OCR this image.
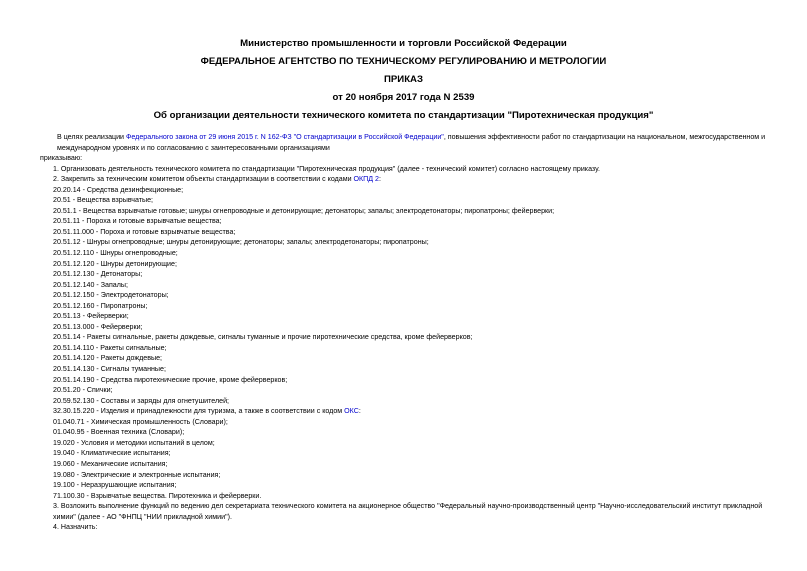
Министерство промышленности и торговли Российской Федерации
ФЕДЕРАЛЬНОЕ АГЕНТСТВО ПО ТЕХНИЧЕСКОМУ РЕГУЛИРОВАНИЮ И МЕТРОЛОГИИ
ПРИКАЗ
от 20 ноября 2017 года N 2539
Об организации деятельности технического комитета по стандартизации "Пиротехническая продукция"

В целях реализации Федерального закона от 29 июня 2015 г. N 162-ФЗ "О стандартизации в Российской Федерации", повышения эффективности работ по стандартизации на национальном, межгосударственном и международном уровнях и по согласованию с заинтересованными организациями

приказываю:

1. Организовать деятельность технического комитета по стандартизации "Пиротехническая продукция" (далее - технический комитет) согласно настоящему приказу.

2. Закрепить за техническим комитетом объекты стандартизации в соответствии с кодами ОКПД 2:

20.20.14 - Средства дезинфекционные;

20.51 - Вещества взрывчатые;

20.51.1 - Вещества взрывчатые готовые; шнуры огнепроводные и детонирующие; детонаторы; запалы; электродетонаторы; пиропатроны; фейерверки;

20.51.11 - Пороха и готовые взрывчатые вещества;

20.51.11.000 - Пороха и готовые взрывчатые вещества;

20.51.12 - Шнуры огнепроводные; шнуры детонирующие; детонаторы; запалы; электродетонаторы; пиропатроны;

20.51.12.110 - Шнуры огнепроводные;

20.51.12.120 - Шнуры детонирующие;

20.51.12.130 - Детонаторы;

20.51.12.140 - Запалы;

20.51.12.150 - Электродетонаторы;

20.51.12.160 - Пиропатроны;

20.51.13 - Фейерверки;

20.51.13.000 - Фейерверки;

20.51.14 - Ракеты сигнальные, ракеты дождевые, сигналы туманные и прочие пиротехнические средства, кроме фейерверков;

20.51.14.110 - Ракеты сигнальные;

20.51.14.120 - Ракеты дождевые;

20.51.14.130 - Сигналы туманные;

20.51.14.190 - Средства пиротехнические прочие, кроме фейерверков;

20.51.20 - Спички;

20.59.52.130 - Составы и заряды для огнетушителей;

32.30.15.220 - Изделия и принадлежности для туризма, а также в соответствии с кодом ОКС:

01.040.71 - Химическая промышленность (Словари);

01.040.95 - Военная техника (Словари);

19.020 - Условия и методики испытаний в целом;

19.040 - Климатические испытания;

19.060 - Механические испытания;

19.080 - Электрические и электронные испытания;

19.100 - Неразрушающие испытания;

71.100.30 - Взрывчатые вещества. Пиротехника и фейерверки.

3. Возложить выполнение функций по ведению дел секретариата технического комитета на акционерное общество "Федеральный научно-производственный центр "Научно-исследовательский институт прикладной химии" (далее - АО "ФНПЦ "НИИ прикладной химии").

4. Назначить:
